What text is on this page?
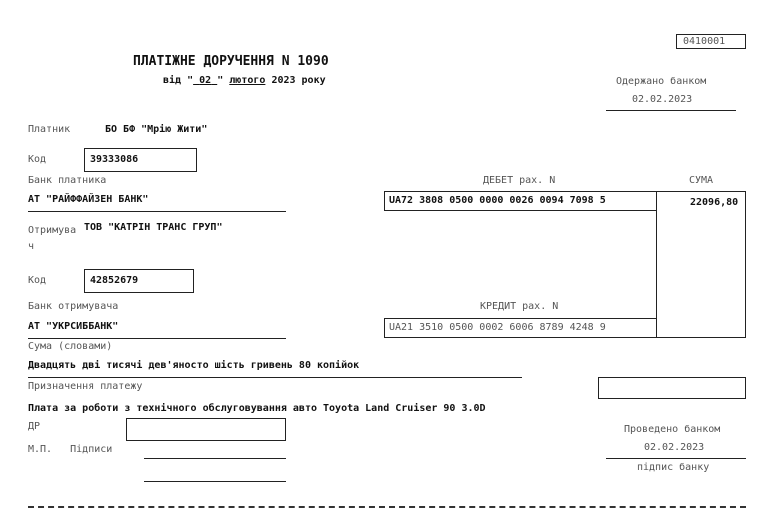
0410001
ПЛАТІЖНЕ ДОРУЧЕННЯ N 1090
від " 02 " лютого 2023 року	Одержано банком
02.02.2023
Платник	БО БФ "Мрію Жити"
Код	39333086
Банк платника
АТ "РАЙФФАЙЗЕН БАНК"
ДЕБЕТ рах. N
UA72 3808 0500 0000 0026 0094 7098 5
СУМА
22096,80
Отримува
ч
ТОВ "КАТРІН ТРАНС ГРУП"
Код	42852679
Банк отримувача
АТ "УКРСИББАНК"
КРЕДИТ рах. N
UA21 3510 0500 0002 6006 8789 4248 9
Сума (словами)
Двадцять дві тисячі дев'яносто шість гривень 80 копійок
Призначення платежу
Плата за роботи з технічного обслуговування авто Toyota Land Cruiser 90 3.0D
ДР
М.П.   Підписи
Проведено банком
02.02.2023
підпис банку
